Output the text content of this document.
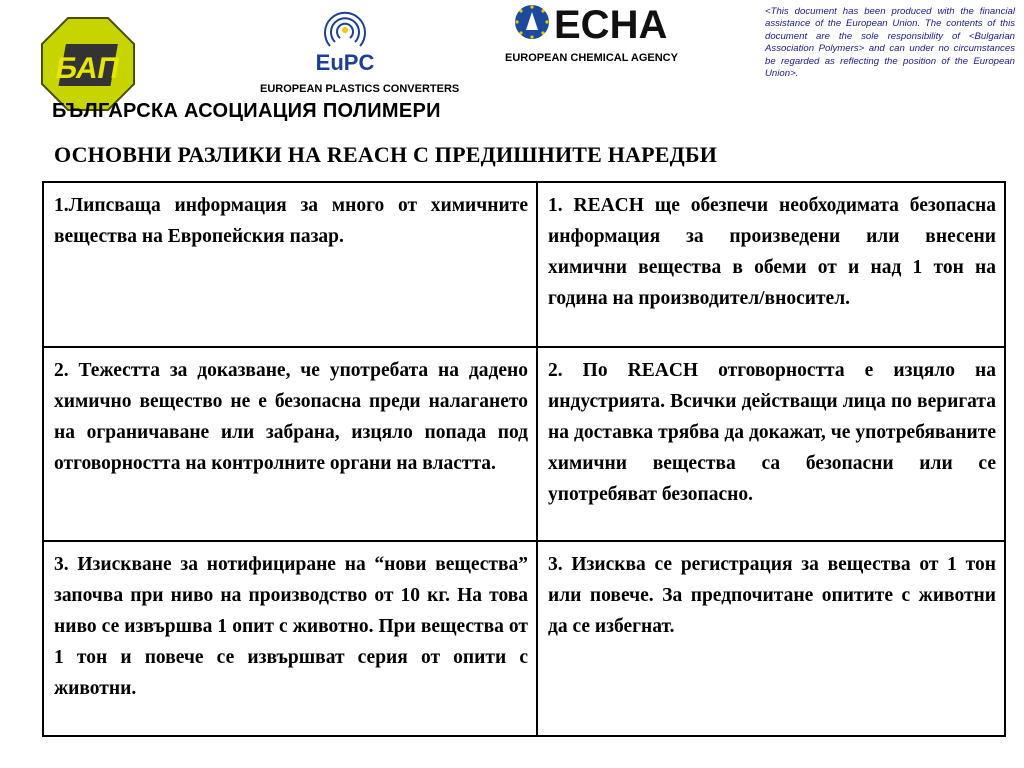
БАП	EuPC
EUROPEAN PLASTICS CONVERTERS
ECHA
EUROPEAN CHEMICAL AGENCY
<This document has been produced with the financial assistance of the European Union. The contents of this document are the sole responsibility of <Bulgarian Association Polymers> and can under no circumstances be regarded as reflecting the position of the European Union>.
БЪЛГАРСКА АСОЦИАЦИЯ ПОЛИМЕРИ
ОСНОВНИ РАЗЛИКИ НА REACH С ПРЕДИШНИТЕ НАРЕДБИ
1.Липсваща информация за много от химичните вещества на Европейския пазар.	1. REACH ще обезпечи необходимата безопасна информация за произведени или внесени химични вещества в обеми от и над 1 тон на година на производител/вносител.
2. Тежестта за доказване, че употребата на дадено химично вещество не е безопасна преди налагането на ограничаване или забрана, изцяло попада под отговорността на контролните органи на властта.	2. По REACH отговорността е изцяло на индустрията. Всички действащи лица по веригата на доставка трябва да докажат, че употребяваните химични вещества са безопасни или се употребяват безопасно.
3. Изискване за нотифициране на “нови вещества” започва при ниво на производство от 10 кг. На това ниво се извършва 1 опит с животно. При вещества от 1 тон и повече се извършват серия от опити с животни.	3. Изисква се регистрация за вещества от 1 тон или повече. За предпочитане опитите с животни да се избегнат.
